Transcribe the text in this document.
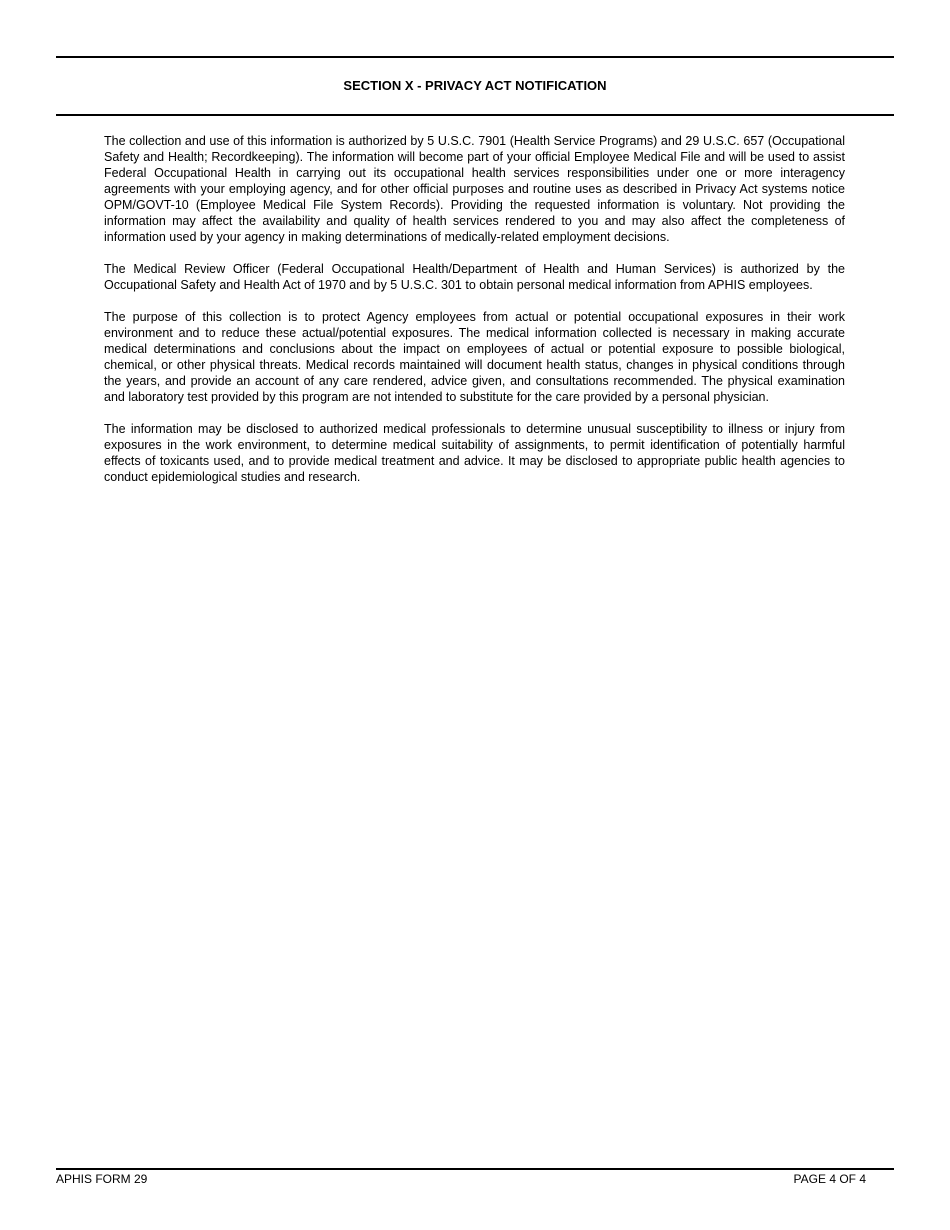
SECTION X - PRIVACY ACT NOTIFICATION

The collection and use of this information is authorized by 5 U.S.C. 7901 (Health Service Programs) and 29 U.S.C. 657 (Occupational Safety and Health; Recordkeeping). The information will become part of your official Employee Medical File and will be used to assist Federal Occupational Health in carrying out its occupational health services responsibilities under one or more interagency agreements with your employing agency, and for other official purposes and routine uses as described in Privacy Act systems notice OPM/GOVT-10 (Employee Medical File System Records). Providing the requested information is voluntary. Not providing the information may affect the availability and quality of health services rendered to you and may also affect the completeness of information used by your agency in making determinations of medically-related employment decisions.

The Medical Review Officer (Federal Occupational Health/Department of Health and Human Services) is authorized by the Occupational Safety and Health Act of 1970 and by 5 U.S.C. 301 to obtain personal medical information from APHIS employees.

The purpose of this collection is to protect Agency employees from actual or potential occupational exposures in their work environment and to reduce these actual/potential exposures. The medical information collected is necessary in making accurate medical determinations and conclusions about the impact on employees of actual or potential exposure to possible biological, chemical, or other physical threats. Medical records maintained will document health status, changes in physical conditions through the years, and provide an account of any care rendered, advice given, and consultations recommended. The physical examination and laboratory test provided by this program are not intended to substitute for the care provided by a personal physician.

The information may be disclosed to authorized medical professionals to determine unusual susceptibility to illness or injury from exposures in the work environment, to determine medical suitability of assignments, to permit identification of potentially harmful effects of toxicants used, and to provide medical treatment and advice. It may be disclosed to appropriate public health agencies to conduct epidemiological studies and research.

APHIS FORM 29	PAGE 4 OF 4
